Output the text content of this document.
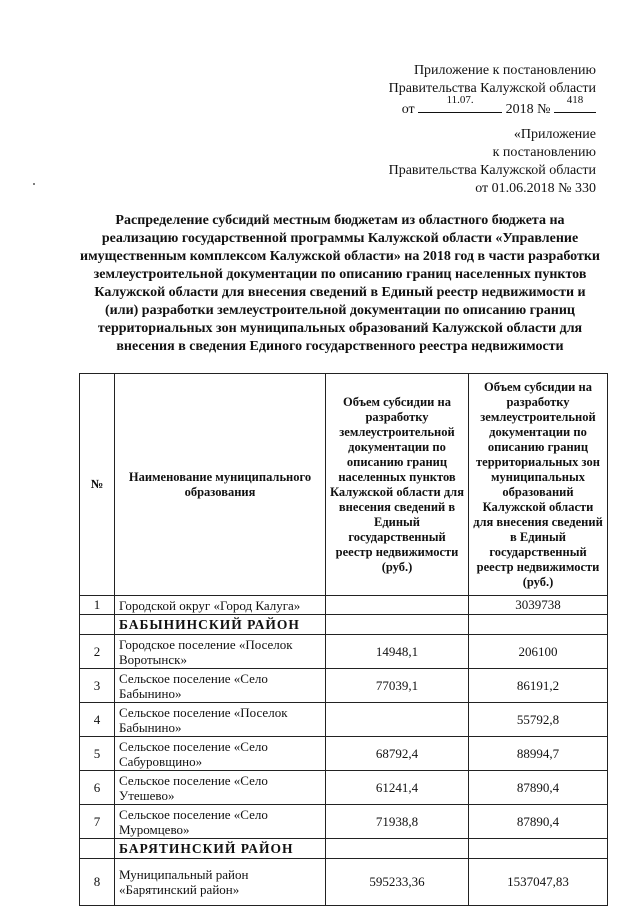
Приложение к постановлению
Правительства Калужской области
от
11.07.
2018 №
418
«Приложение
к постановлению
Правительства Калужской области
от 01.06.2018 № 330
Распределение субсидий местным бюджетам из областного бюджета на реализацию государственной программы Калужской области «Управление имущественным комплексом Калужской области» на 2018 год в части разработки землеустроительной документации по описанию границ населенных пунктов Калужской области для внесения сведений в Единый реестр недвижимости и (или) разработки землеустроительной документации по описанию границ территориальных зон муниципальных образований Калужской области для внесения в сведения Единого государственного реестра недвижимости
№	Наименование муниципального образования	Объем субсидии на разработку землеустроительной документации по описанию границ населенных пунктов Калужской области для внесения сведений в Единый государственный реестр недвижимости (руб.)	Объем субсидии на разработку землеустроительной документации по описанию границ территориальных зон муниципальных образований Калужской области для внесения сведений в Единый государственный реестр недвижимости (руб.)
1	Городской округ «Город Калуга»		3039738
	БАБЫНИНСКИЙ РАЙОН		
2	Городское поселение «Поселок Воротынск»	14948,1	206100
3	Сельское поселение «Село Бабынино»	77039,1	86191,2
4	Сельское поселение «Поселок Бабынино»		55792,8
5	Сельское поселение «Село Сабуровщино»	68792,4	88994,7
6	Сельское поселение «Село Утешево»	61241,4	87890,4
7	Сельское поселение «Село Муромцево»	71938,8	87890,4
	БАРЯТИНСКИЙ РАЙОН		
8	Муниципальный район «Барятинский район»	595233,36	1537047,83
